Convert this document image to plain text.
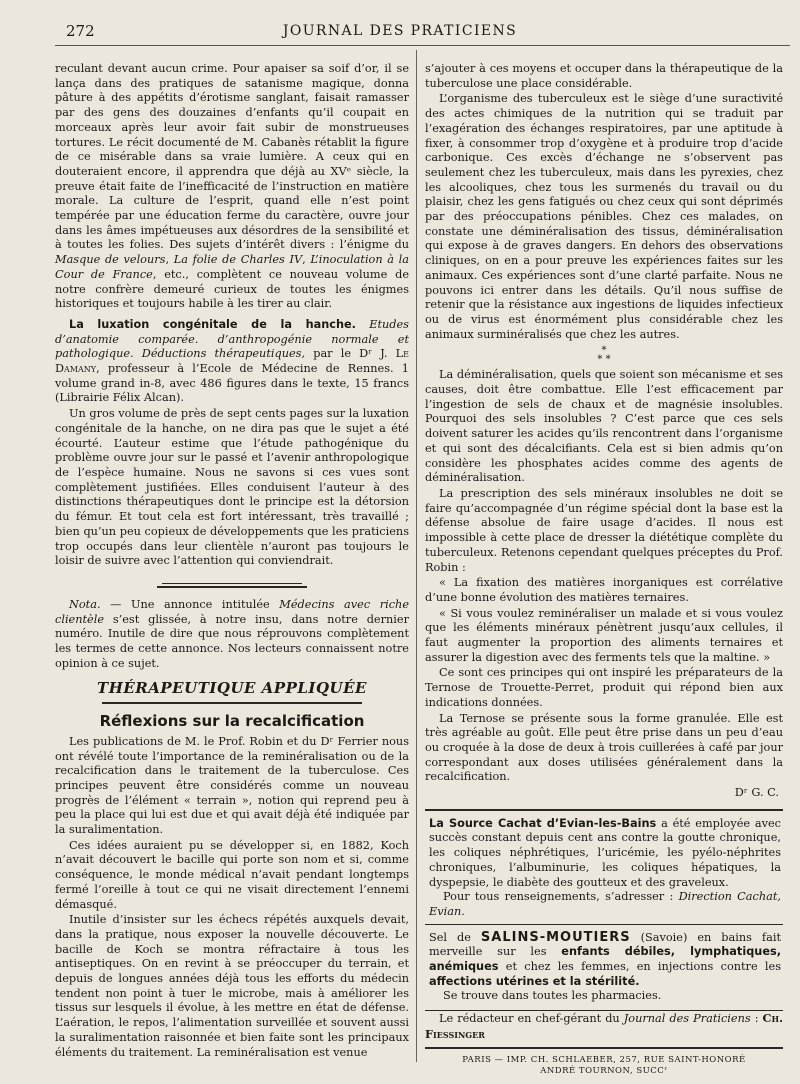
272	JOURNAL DES PRATICIENS

reculant devant aucun crime. Pour apaiser sa soif d’or, il se lança dans des pratiques de satanisme magique, donna pâture à des appétits d’érotisme sanglant, faisait ramasser par des gens des douzaines d’enfants qu’il coupait en morceaux après leur avoir fait subir de monstrueuses tortures. Le récit documenté de M. Cabanès rétablit la figure de ce misérable dans sa vraie lumière. A ceux qui en douteraient encore, il apprendra que déjà au XVᵉ siècle, la preuve était faite de l’inefficacité de l’instruction en matière morale. La culture de l’esprit, quand elle n’est point tempérée par une éducation ferme du caractère, ouvre jour dans les âmes impétueuses aux désordres de la sensibilité et à toutes les folies. Des sujets d’intérêt divers : l’énigme du Masque de velours, La folie de Charles IV, L’inoculation à la Cour de France, etc., complètent ce nouveau volume de notre confrère demeuré curieux de toutes les énigmes historiques et toujours habile à les tirer au clair.

La luxation congénitale de la hanche. Etudes d’anatomie comparée. d’anthropogénie normale et pathologique. Déductions thérapeutiques, par le Dʳ J. Le Damany, professeur à l’Ecole de Médecine de Rennes. 1 volume grand in-8, avec 486 figures dans le texte, 15 francs (Librairie Félix Alcan).

Un gros volume de près de sept cents pages sur la luxation congénitale de la hanche, on ne dira pas que le sujet a été écourté. L’auteur estime que l’étude pathogénique du problème ouvre jour sur le passé et l’avenir anthropologique de l’espèce humaine. Nous ne savons si ces vues sont complètement justifiées. Elles conduisent l’auteur à des distinctions thérapeutiques dont le principe est la détorsion du fémur. Et tout cela est fort intéressant, très travaillé ; bien qu’un peu copieux de développements que les praticiens trop occupés dans leur clientèle n’auront pas toujours le loisir de suivre avec l’attention qui conviendrait.

Nota. — Une annonce intitulée Médecins avec riche clientèle s’est glissée, à notre insu, dans notre dernier numéro. Inutile de dire que nous réprouvons complètement les termes de cette annonce. Nos lecteurs connaissent notre opinion à ce sujet.

THÉRAPEUTIQUE APPLIQUÉE
Réflexions sur la recalcification

Les publications de M. le Prof. Robin et du Dʳ Ferrier nous ont révélé toute l’importance de la reminéralisation ou de la recalcification dans le traitement de la tuberculose. Ces principes peuvent être considérés comme un nouveau progrès de l’élément « terrain », notion qui reprend peu à peu la place qui lui est due et qui avait déjà été indiquée par la suralimentation.

Ces idées auraient pu se développer si, en 1882, Koch n’avait découvert le bacille qui porte son nom et si, comme conséquence, le monde médical n’avait pendant longtemps fermé l’oreille à tout ce qui ne visait directement l’ennemi démasqué.

Inutile d’insister sur les échecs répétés auxquels devait, dans la pratique, nous exposer la nouvelle découverte. Le bacille de Koch se montra réfractaire à tous les antiseptiques. On en revint à se préoccuper du terrain, et depuis de longues années déjà tous les efforts du médecin tendent non point à tuer le microbe, mais à améliorer les tissus sur lesquels il évolue, à les mettre en état de défense. L’aération, le repos, l’alimentation surveillée et souvent aussi la suralimentation raisonnée et bien faite sont les principaux éléments du traitement. La reminéralisation est venue

s’ajouter à ces moyens et occuper dans la thérapeutique de la tuberculose une place considérable.

L’organisme des tuberculeux est le siège d’une suractivité des actes chimiques de la nutrition qui se traduit par l’exagération des échanges respiratoires, par une aptitude à fixer, à consommer trop d’oxygène et à produire trop d’acide carbonique. Ces excès d’échange ne s’observent pas seulement chez les tuberculeux, mais dans les pyrexies, chez les alcooliques, chez tous les surmenés du travail ou du plaisir, chez les gens fatigués ou chez ceux qui sont déprimés par des préoccupations pénibles. Chez ces malades, on constate une déminéralisation des tissus, déminéralisation qui expose à de graves dangers. En dehors des observations cliniques, on en a pour preuve les expériences faites sur les animaux. Ces expériences sont d’une clarté parfaite. Nous ne pouvons ici entrer dans les détails. Qu’il nous suffise de retenir que la résistance aux ingestions de liquides infectieux ou de virus est énormément plus considérable chez les animaux surminéralisés que chez les autres.

*
* *

La déminéralisation, quels que soient son mécanisme et ses causes, doit être combattue. Elle l’est efficacement par l’ingestion de sels de chaux et de magnésie insolubles. Pourquoi des sels insolubles ? C’est parce que ces sels doivent saturer les acides qu’ils rencontrent dans l’organisme et qui sont des décalcifiants. Cela est si bien admis qu’on considère les phosphates acides comme des agents de déminéralisation.

La prescription des sels minéraux insolubles ne doit se faire qu’accompagnée d’un régime spécial dont la base est la défense absolue de faire usage d’acides. Il nous est impossible à cette place de dresser la diététique complète du tuberculeux. Retenons cependant quelques préceptes du Prof. Robin :

« La fixation des matières inorganiques est corrélative d’une bonne évolution des matières ternaires.

« Si vous voulez reminéraliser un malade et si vous voulez que les éléments minéraux pénètrent jusqu’aux cellules, il faut augmenter la proportion des aliments ternaires et assurer la digestion avec des ferments tels que la maltine. »

Ce sont ces principes qui ont inspiré les préparateurs de la Ternose de Trouette-Perret, produit qui répond bien aux indications données.

La Ternose se présente sous la forme granulée. Elle est très agréable au goût. Elle peut être prise dans un peu d’eau ou croquée à la dose de deux à trois cuillerées à café par jour correspondant aux doses utilisées généralement dans la recalcification.

Dʳ G. C.

La Source Cachat d’Evian-les-Bains a été employée avec succès constant depuis cent ans contre la goutte chronique, les coliques néphrétiques, l’uricémie, les pyélo-néphrites chroniques, l’albuminurie, les coliques hépatiques, la dyspepsie, le diabète des goutteux et des graveleux.

Pour tous renseignements, s’adresser : Direction Cachat, Evian.

Sel de SALINS-MOUTIERS (Savoie) en bains fait merveille sur les enfants débiles, lymphatiques, anémiques et chez les femmes, en injections contre les affections utérines et la stérilité.

Se trouve dans toutes les pharmacies.

Le rédacteur en chef-gérant du Journal des Praticiens : Ch. Fiessinger

PARIS — IMP. CH. SCHLAEBER, 257, RUE SAINT-HONORÉ
ANDRÉ TOURNON, SUCCʳ
